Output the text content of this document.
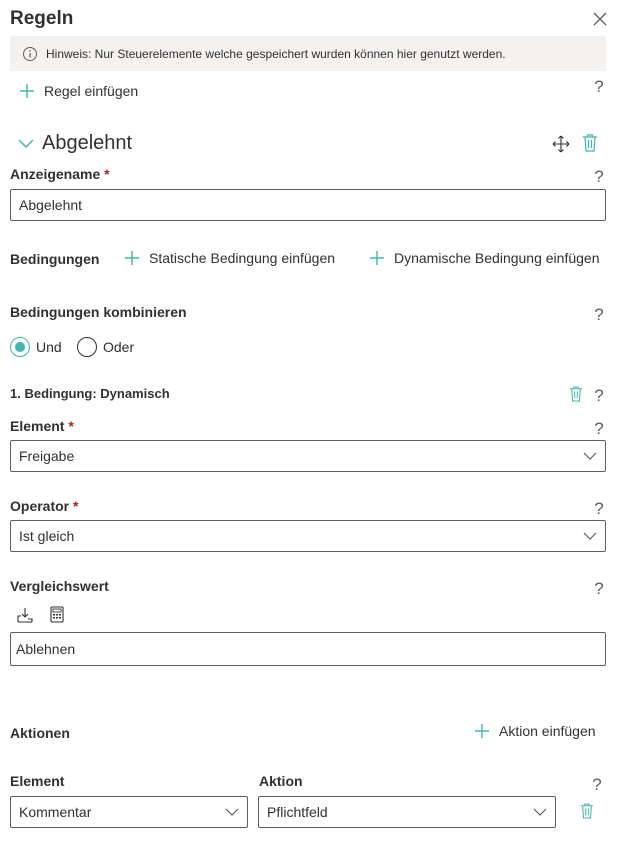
Regeln
Hinweis: Nur Steuerelemente welche gespeichert wurden können hier genutzt werden.
Regel einfügen	?
Abgelehnt
Anzeigename *	?
Abgelehnt
Bedingungen	Statische Bedingung einfügen	Dynamische Bedingung einfügen
Bedingungen kombinieren	?
Und	Oder
1. Bedingung: Dynamisch	?
Element *	?
Freigabe
Operator *	?
Ist gleich
Vergleichswert	?
Ablehnen
Aktionen	Aktion einfügen
Element	Aktion	?
Kommentar	Pflichtfeld
